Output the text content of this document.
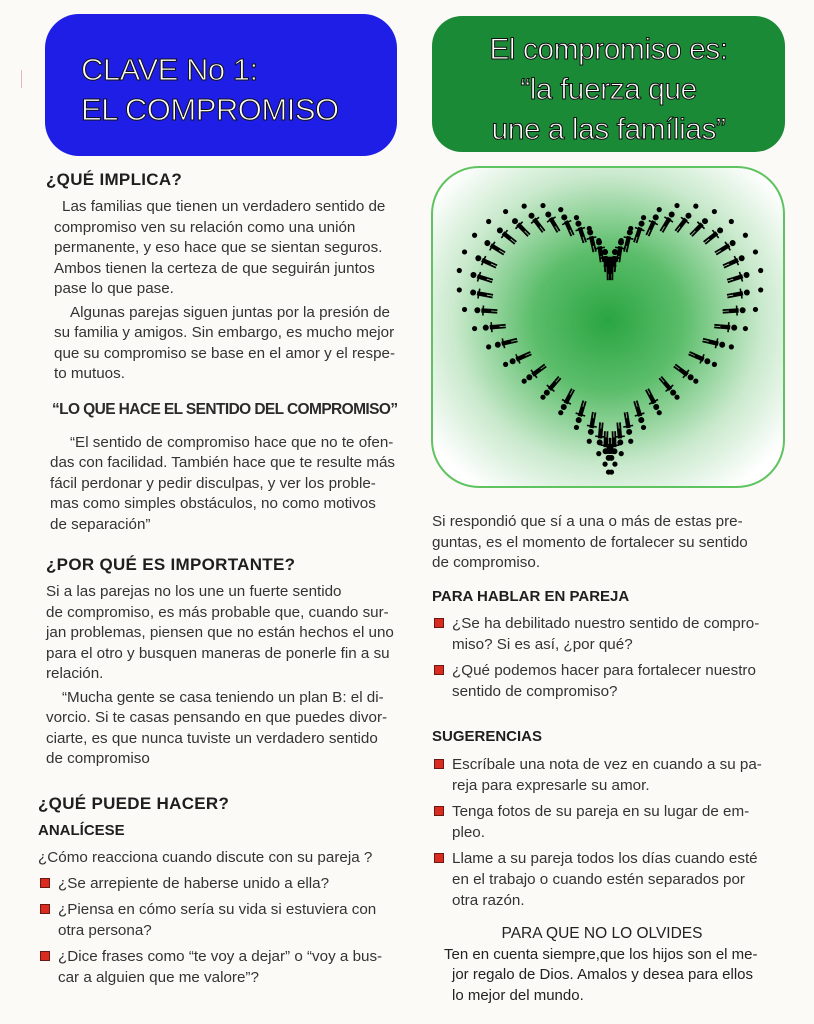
CLAVE No 1:
EL COMPROMISO
El compromiso es:
“la fuerza que
une a las famílias”
¿QUÉ IMPLICA?
Las familias que tienen un verdadero sentido de
compromiso ven su relación como una unión
permanente, y eso hace que se sientan seguros.
Ambos tienen la certeza de que seguirán juntos
pase lo que pase.
Algunas parejas siguen juntas por la presión de
su familia y amigos. Sin embargo, es mucho mejor
que su compromiso se base en el amor y el respe-
to mutuos.
“LO QUE HACE EL SENTIDO DEL COMPROMISO”
“El sentido de compromiso hace que no te ofen-
das con facilidad. También hace que te resulte más
fácil perdonar y pedir disculpas, y ver los proble-
mas como simples obstáculos, no como motivos
de separación”
¿POR QUÉ ES IMPORTANTE?
Si a las parejas no los une un fuerte sentido
de compromiso, es más probable que, cuando sur-
jan problemas, piensen que no están hechos el uno
para el otro y busquen maneras de ponerle fin a su
relación.
“Mucha gente se casa teniendo un plan B: el di-
vorcio. Si te casas pensando en que puedes divor-
ciarte, es que nunca tuviste un verdadero sentido
de compromiso
¿QUÉ PUEDE HACER?
ANALÍCESE
¿Cómo reacciona cuando discute con su pareja ?
¿Se arrepiente de haberse unido a ella?
¿Piensa en cómo sería su vida si estuviera con
otra persona?
¿Dice frases como “te voy a dejar” o “voy a bus-
car a alguien que me valore”?
Si respondió que sí a una o más de estas pre-
guntas, es el momento de fortalecer su sentido
de compromiso.
PARA HABLAR EN PAREJA
¿Se ha debilitado nuestro sentido de compro-
miso? Si es así, ¿por qué?
¿Qué podemos hacer para fortalecer nuestro
sentido de compromiso?
SUGERENCIAS
Escríbale una nota de vez en cuando a su pa-
reja para expresarle su amor.
Tenga fotos de su pareja en su lugar de em-
pleo.
Llame a su pareja todos los días cuando esté
en el trabajo o cuando estén separados por
otra razón.
PARA QUE NO LO OLVIDES
Ten en cuenta siempre,que los hijos son el me-
jor regalo de Dios. Amalos y desea para ellos
lo mejor del mundo.
